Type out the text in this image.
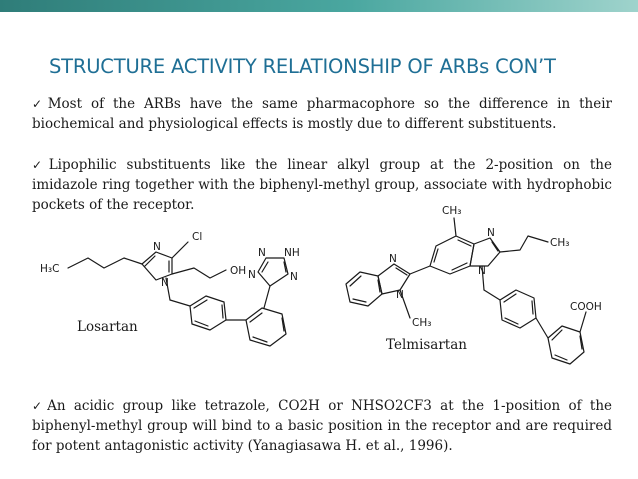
STRUCTURE ACTIVITY RELATIONSHIP OF ARBs CON’T
✓Most of the ARBs have the same pharmacophore so the difference in their biochemical and physiological effects is mostly due to different substituents.
✓Lipophilic substituents like the linear alkyl group at the 2-position on the imidazole ring together with the biphenyl-methyl group, associate with hydrophobic pockets of the receptor.
H₃C
Cl
OH
N
N
N NH
N	N
CH₃
CH₃
CH₃
N
N
N
N
COOH
Losartan
Telmisartan
✓An acidic group like tetrazole, CO2H or NHSO2CF3 at the 1-position of the biphenyl-methyl group will bind to a basic position in the receptor and are required for potent antagonistic activity (Yanagiasawa H. et al., 1996).
